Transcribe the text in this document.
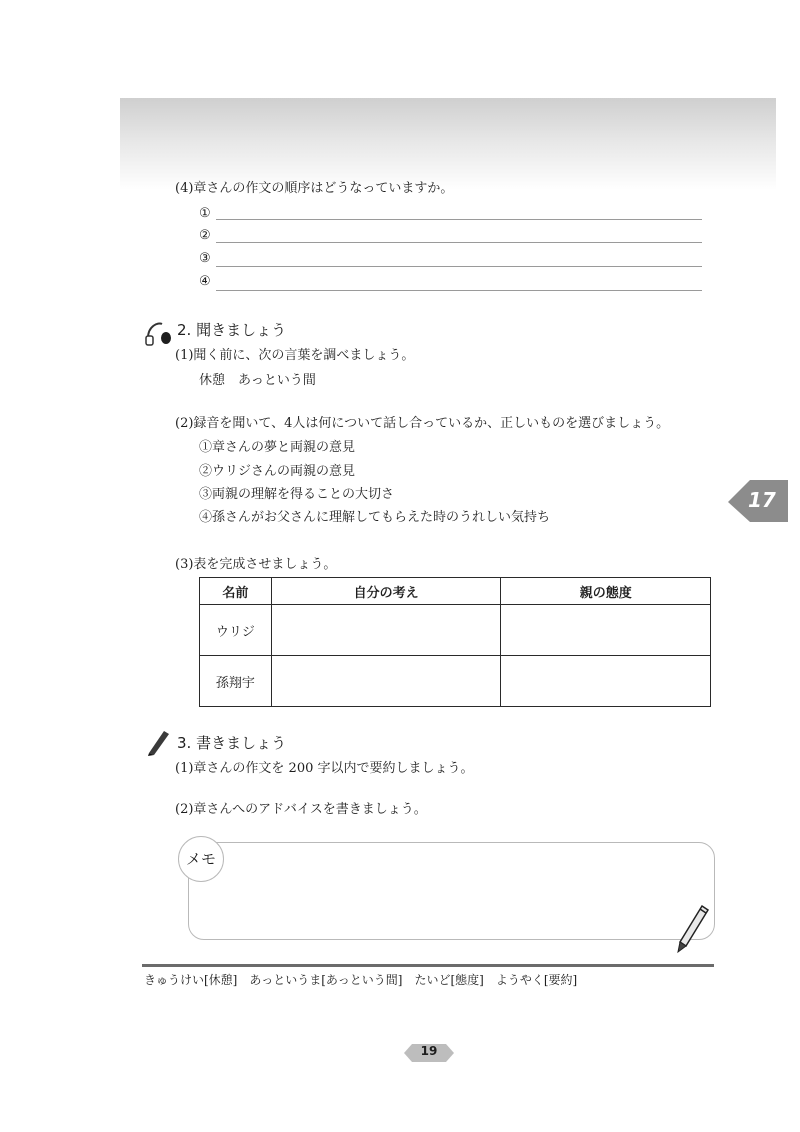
(4)章さんの作文の順序はどうなっていますか。
①
②
③
④
2. 聞きましょう
(1)聞く前に、次の言葉を調べましょう。
休憩　あっという間
(2)録音を聞いて、4人は何について話し合っているか、正しいものを選びましょう。
①章さんの夢と両親の意見
②ウリジさんの両親の意見
③両親の理解を得ることの大切さ
④孫さんがお父さんに理解してもらえた時のうれしい気持ち
(3)表を完成させましょう。
名前	自分の考え	親の態度
ウリジ		
孫翔宇		
3. 書きましょう
(1)章さんの作文を 200 字以内で要約しましょう。
(2)章さんへのアドバイスを書きましょう。
メモ
きゅうけい[休憩]　あっというま[あっという間]　たいど[態度]　ようやく[要約]
17
19
